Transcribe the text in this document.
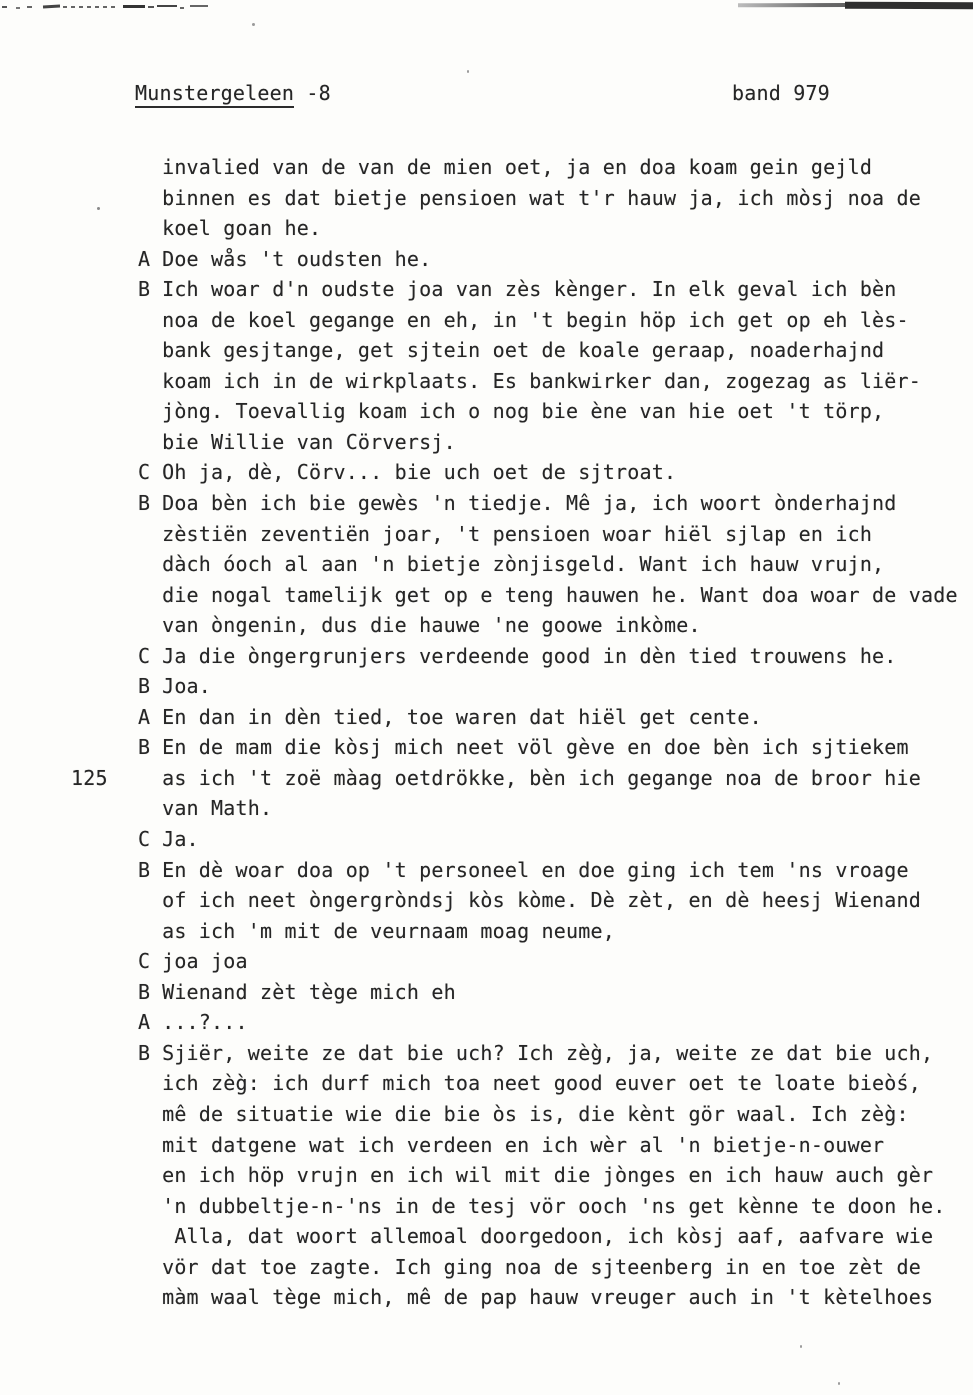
Munstergeleen -8	band 979
invalied van de van de mien oet, ja en doa koam gein gejld
binnen es dat bietje pensioen wat t'r hauw ja, ich mòsj noa de
koel goan he.
A Doe wås 't oudsten he.
B Ich woar d'n oudste joa van zès kènger. In elk geval ich bèn
noa de koel gegange en eh, in 't begin höp ich get op eh lès-
bank gesjtange, get sjtein oet de koale geraap, noaderhajnd
koam ich in de wirkplaats. Es bankwirker dan, zogezag as liër-
jòng. Toevallig koam ich o nog bie ène van hie oet 't törp,
bie Willie van Cörversj.
C Oh ja, dè, Cörv... bie uch oet de sjtroat.
B Doa bèn ich bie gewès 'n tiedje. Mê ja, ich woort ònderhajnd
zèstiën zeventiën joar, 't pensioen woar hiël sjlap en ich
dàch óoch al aan 'n bietje zònjisgeld. Want ich hauw vrujn,
die nogal tamelijk get op e teng hauwen he. Want doa woar de vade
van òngenin, dus die hauwe 'ne goowe inkòme.
C Ja die òngergrunjers verdeende good in dèn tied trouwens he.
B Joa.
A En dan in dèn tied, toe waren dat hiël get cente.
B En de mam die kòsj mich neet völ gève en doe bèn ich sjtiekem
125	as ich 't zoë màag oetdrökke, bèn ich gegange noa de broor hie
van Math.
C Ja.
B En dè woar doa op 't personeel en doe ging ich tem 'ns vroage
of ich neet òngergròndsj kòs kòme. Dè zèt, en dè heesj Wienand
as ich 'm mit de veurnaam moag neume,
C joa joa
B Wienand zèt tège mich eh
A ...?...
B Sjiër, weite ze dat bie uch? Ich zèg̀, ja, weite ze dat bie uch,
ich zèg̀: ich durf mich toa neet good euver oet te loate bieòś,
mê de situatie wie die bie òs is, die kènt gör waal. Ich zèg̀:
mit datgene wat ich verdeen en ich wèr al 'n bietje-n-ouwer
en ich höp vrujn en ich wil mit die jònges en ich hauw auch gèr
'n dubbeltje-n-'ns in de tesj vör ooch 'ns get kènne te doon he.
Alla, dat woort allemoal doorgedoon, ich kòsj aaf, aafvare wie
vör dat toe zagte. Ich ging noa de sjteenberg in en toe zèt de
màm waal tège mich, mê de pap hauw vreuger auch in 't kètelhoes
